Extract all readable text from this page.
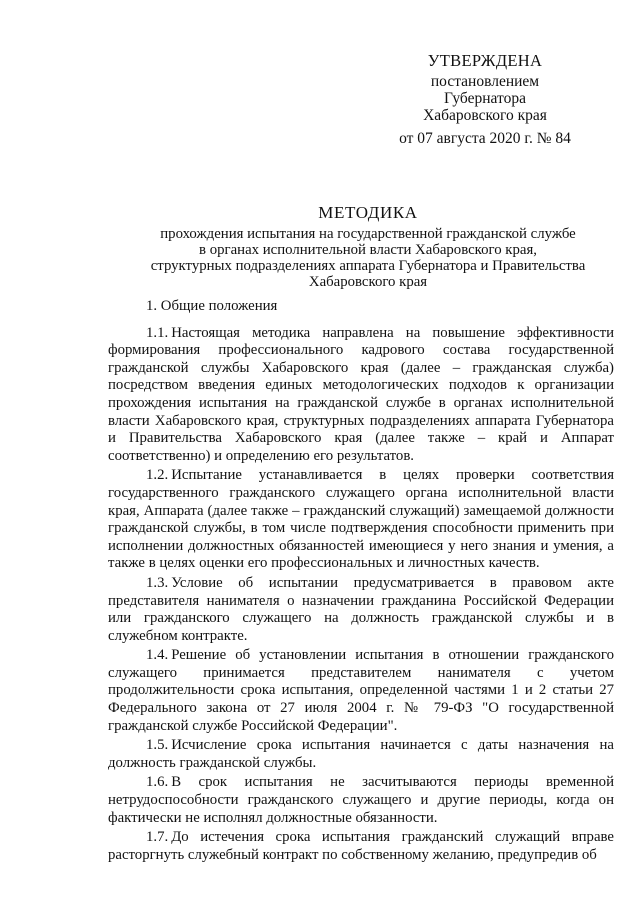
УТВЕРЖДЕНА
постановлением
Губернатора
Хабаровского края
от 07 августа 2020 г. № 84
МЕТОДИКА
прохождения испытания на государственной гражданской службе
в органах исполнительной власти Хабаровского края,
структурных подразделениях аппарата Губернатора и Правительства
Хабаровского края
1. Общие положения
1.1. Настоящая методика направлена на повышение эффективности формирования профессионального кадрового состава государственной гражданской службы Хабаровского края (далее – гражданская служба) посредством введения единых методологических подходов к организации прохождения испытания на гражданской службе в органах исполнительной власти Хабаровского края, структурных подразделениях аппарата Губернатора и Правительства Хабаровского края (далее также – край и Аппарат соответственно) и определению его результатов.
1.2. Испытание устанавливается в целях проверки соответствия государственного гражданского служащего органа исполнительной власти края, Аппарата (далее также – гражданский служащий) замещаемой должности гражданской службы, в том числе подтверждения способности применить при исполнении должностных обязанностей имеющиеся у него знания и умения, а также в целях оценки его профессиональных и личностных качеств.
1.3. Условие об испытании предусматривается в правовом акте представителя нанимателя о назначении гражданина Российской Федерации или гражданского служащего на должность гражданской службы и в служебном контракте.
1.4. Решение об установлении испытания в отношении гражданского служащего принимается представителем нанимателя с учетом продолжительности срока испытания, определенной частями 1 и 2 статьи 27 Федерального закона от 27 июля 2004 г. № 79-ФЗ "О государственной гражданской службе Российской Федерации".
1.5. Исчисление срока испытания начинается с даты назначения на должность гражданской службы.
1.6. В срок испытания не засчитываются периоды временной нетрудоспособности гражданского служащего и другие периоды, когда он фактически не исполнял должностные обязанности.
1.7. До истечения срока испытания гражданский служащий вправе расторгнуть служебный контракт по собственному желанию, предупредив об
